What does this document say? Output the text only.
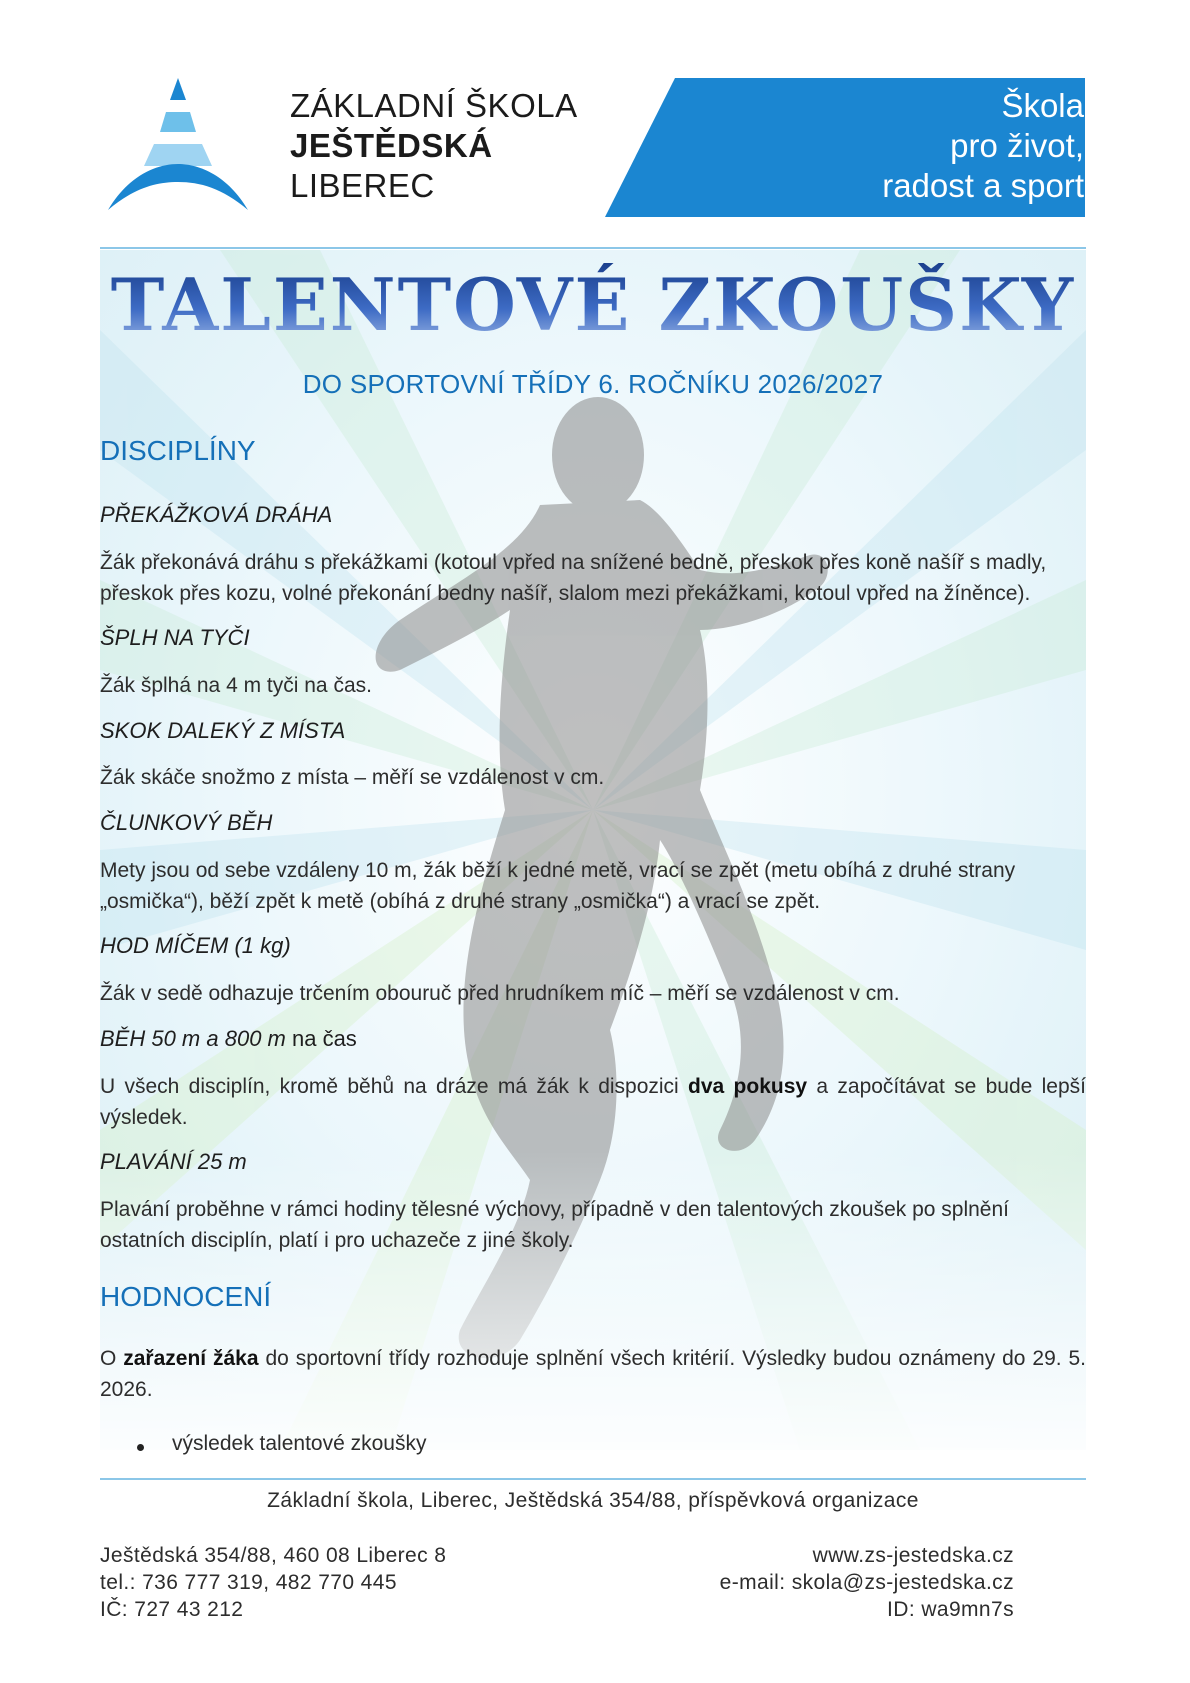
ZÁKLADNÍ ŠKOLA
JEŠTĚDSKÁ
LIBEREC
Škola
pro život,
radost a sport
TALENTOVÉ ZKOUŠKY
DO SPORTOVNÍ TŘÍDY 6. ROČNÍKU 2026/2027
DISCIPLÍNY
PŘEKÁŽKOVÁ DRÁHA
Žák překonává dráhu s překážkami (kotoul vpřed na snížené bedně, přeskok přes koně našíř s madly, přeskok přes kozu, volné překonání bedny našíř, slalom mezi překážkami, kotoul vpřed na žíněnce).
ŠPLH NA TYČI
Žák šplhá na 4 m tyči na čas.
SKOK DALEKÝ Z MÍSTA
Žák skáče snožmo z místa – měří se vzdálenost v cm.
ČLUNKOVÝ BĚH
Mety jsou od sebe vzdáleny 10 m, žák běží k jedné metě, vrací se zpět (metu obíhá z druhé strany „osmička“), běží zpět k metě (obíhá z druhé strany „osmička“) a vrací se zpět.
HOD MÍČEM (1 kg)
Žák v sedě odhazuje trčením obouruč před hrudníkem míč – měří se vzdálenost v cm.
BĚH 50 m a 800 m na čas
U všech disciplín, kromě běhů na dráze má žák k dispozici dva pokusy a započítávat se bude lepší výsledek.
PLAVÁNÍ 25 m
Plavání proběhne v rámci hodiny tělesné výchovy, případně v den talentových zkoušek po splnění ostatních disciplín, platí i pro uchazeče z jiné školy.
HODNOCENÍ
O zařazení žáka do sportovní třídy rozhoduje splnění všech kritérií. Výsledky budou oznámeny do 29. 5. 2026.
výsledek talentové zkoušky
Základní škola, Liberec, Ještědská 354/88, příspěvková organizace
Ještědská 354/88, 460 08 Liberec 8
tel.: 736 777 319, 482 770 445
IČ: 727 43 212
www.zs-jestedska.cz
e-mail: skola@zs-jestedska.cz
ID: wa9mn7s
